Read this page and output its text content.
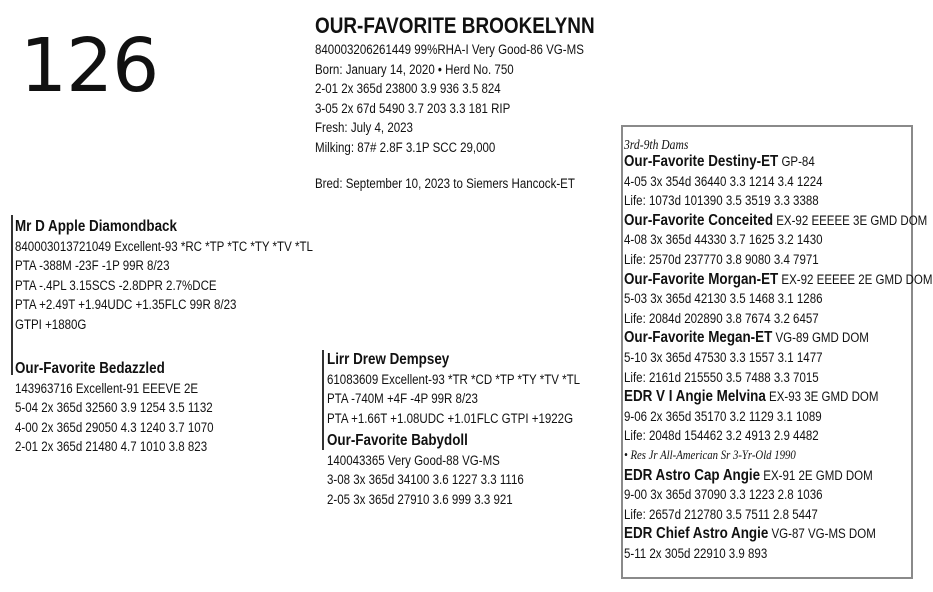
126	OUR-FAVORITE BROOKELYNN
840003206261449 99%RHA-I Very Good-86 VG-MS
Born: January 14, 2020 • Herd No. 750
2-01 2x 365d 23800 3.9 936 3.5 824
3-05 2x 67d 5490 3.7 203 3.3 181 RIP
Fresh: July 4, 2023
Milking: 87# 2.8F 3.1P SCC 29,000
Bred: September 10, 2023 to Siemers Hancock-ET
Mr D Apple Diamondback
840003013721049 Excellent-93 *RC *TP *TC *TY *TV *TL
PTA -388M -23F -1P 99R 8/23
PTA -.4PL 3.15SCS -2.8DPR 2.7%DCE
PTA +2.49T +1.94UDC +1.35FLC 99R 8/23
GTPI +1880G
Our-Favorite Bedazzled
143963716 Excellent-91 EEEVE 2E
5-04 2x 365d 32560 3.9 1254 3.5 1132
4-00 2x 365d 29050 4.3 1240 3.7 1070
2-01 2x 365d 21480 4.7 1010 3.8 823
Lirr Drew Dempsey
61083609 Excellent-93 *TR *CD *TP *TY *TV *TL
PTA -740M +4F -4P 99R 8/23
PTA +1.66T +1.08UDC +1.01FLC GTPI +1922G
Our-Favorite Babydoll
140043365 Very Good-88 VG-MS
3-08 3x 365d 34100 3.6 1227 3.3 1116
2-05 3x 365d 27910 3.6 999 3.3 921
3rd-9th Dams
Our-Favorite Destiny-ET GP-84
4-05 3x 354d 36440 3.3 1214 3.4 1224
Life: 1073d 101390 3.5 3519 3.3 3388
Our-Favorite Conceited EX-92 EEEEE 3E GMD DOM
4-08 3x 365d 44330 3.7 1625 3.2 1430
Life: 2570d 237770 3.8 9080 3.4 7971
Our-Favorite Morgan-ET EX-92 EEEEE 2E GMD DOM
5-03 3x 365d 42130 3.5 1468 3.1 1286
Life: 2084d 202890 3.8 7674 3.2 6457
Our-Favorite Megan-ET VG-89 GMD DOM
5-10 3x 365d 47530 3.3 1557 3.1 1477
Life: 2161d 215550 3.5 7488 3.3 7015
EDR V I Angie Melvina EX-93 3E GMD DOM
9-06 2x 365d 35170 3.2 1129 3.1 1089
Life: 2048d 154462 3.2 4913 2.9 4482
• Res Jr All-American Sr 3-Yr-Old 1990
EDR Astro Cap Angie EX-91 2E GMD DOM
9-00 3x 365d 37090 3.3 1223 2.8 1036
Life: 2657d 212780 3.5 7511 2.8 5447
EDR Chief Astro Angie VG-87 VG-MS DOM
5-11 2x 305d 22910 3.9 893
